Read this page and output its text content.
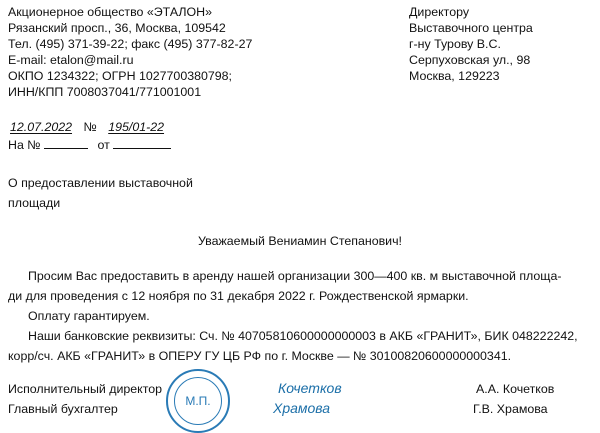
Акционерное общество «ЭТАЛОН»
Рязанский просп., 36, Москва, 109542
Тел. (495) 371-39-22; факс (495) 377-82-27
E-mail: etalon@mail.ru
ОКПО 1234322; ОГРН 1027700380798;
ИНН/КПП 7008037041/771001001
Директору
Выставочного центра
г-ну Турову В.С.
Серпуховская ул., 98
Москва, 129223
12.07.2022 № 195/01-22
На №	от
О предоставлении выставочной
площади
Уважаемый Вениамин Степанович!
Просим Вас предоставить в аренду нашей организации 300—400 кв. м выставочной площа-
ди для проведения с 12 ноября по 31 декабря 2022 г. Рождественской ярмарки.
Оплату гарантируем.
Наши банковские реквизиты: Сч. № 40705810600000000003 в АКБ «ГРАНИТ», БИК 048222242,
корр/сч. АКБ «ГРАНИТ» в ОПЕРУ ГУ ЦБ РФ по г. Москве — № 30100820600000000341.
М.П.
Исполнительный директор	Кочетков	А.А. Кочетков
Главный бухгалтер	Храмова	Г.В. Храмова
